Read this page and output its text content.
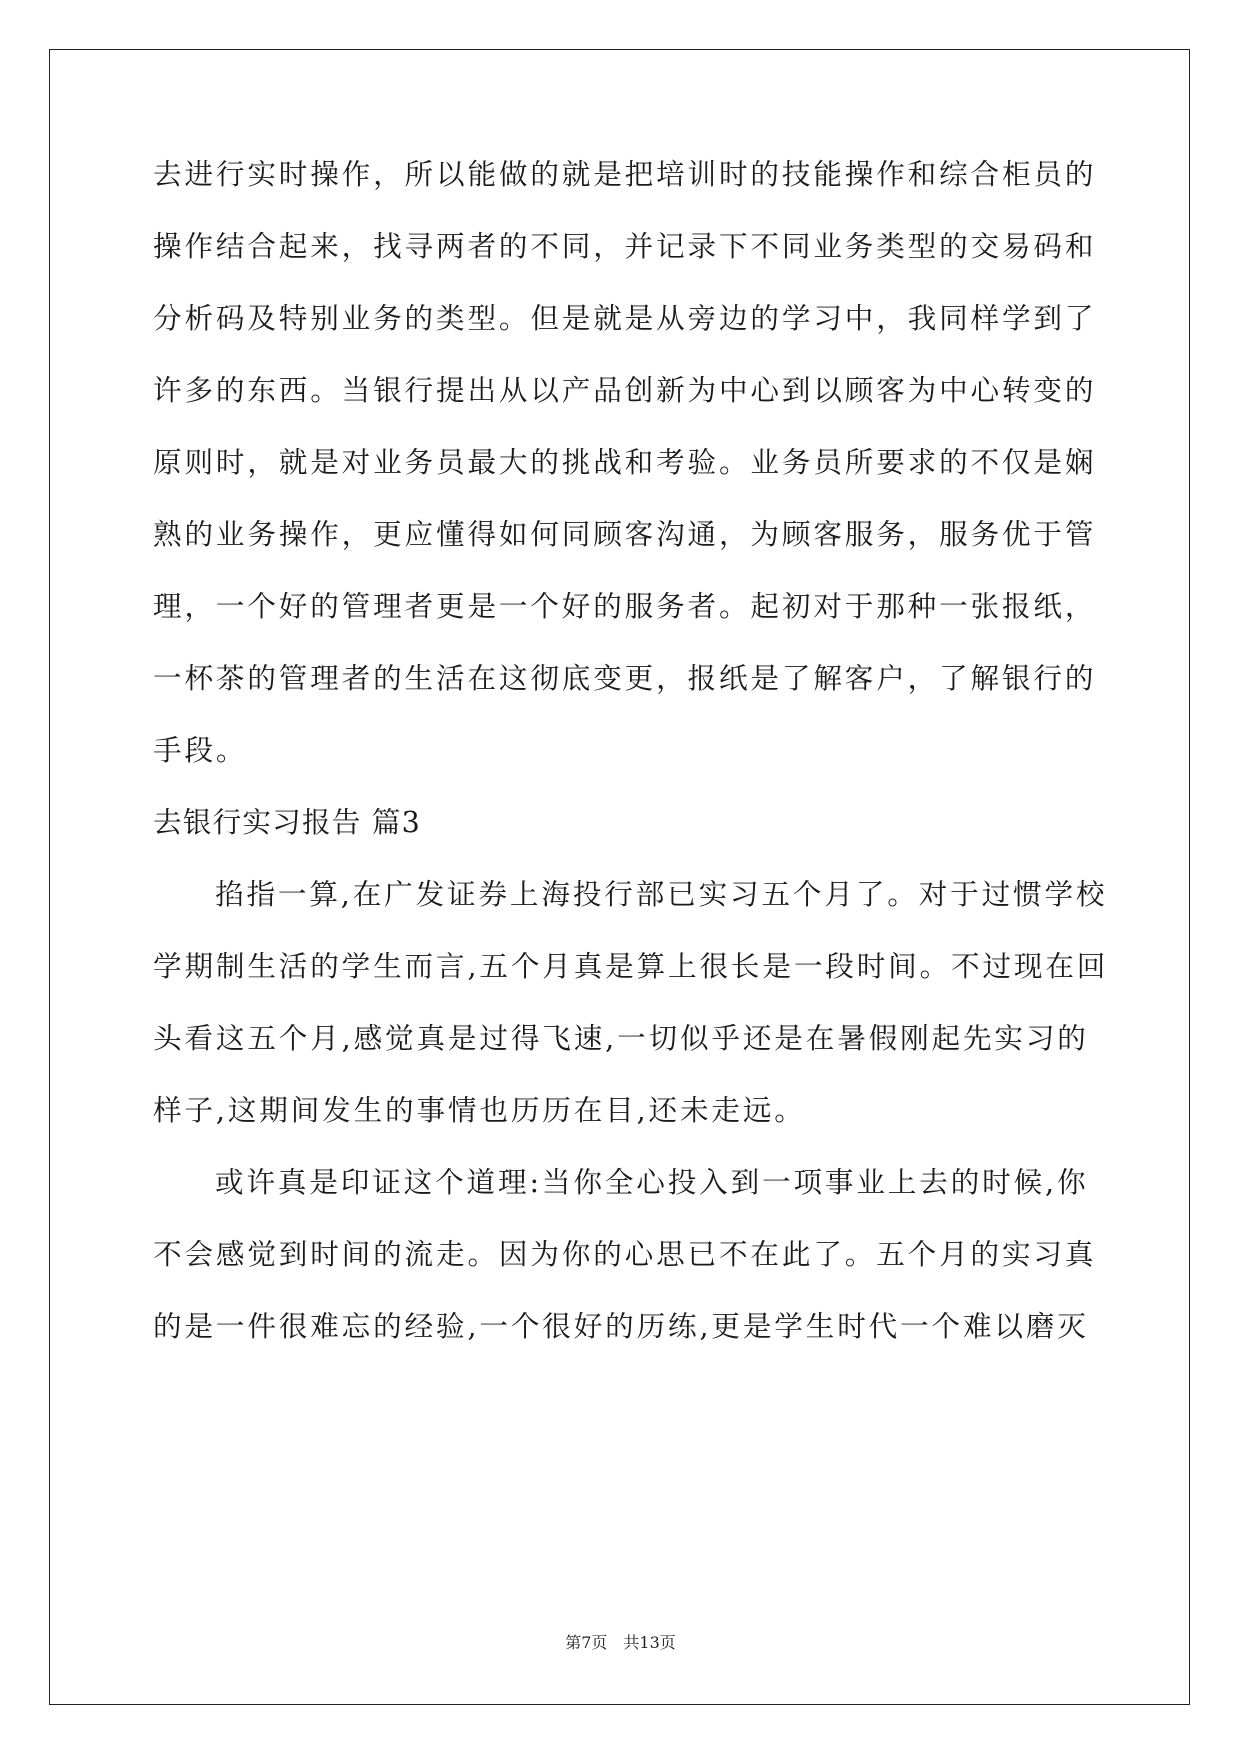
去进行实时操作，所以能做的就是把培训时的技能操作和综合柜员的
操作结合起来，找寻两者的不同，并记录下不同业务类型的交易码和
分析码及特别业务的类型。但是就是从旁边的学习中，我同样学到了
许多的东西。当银行提出从以产品创新为中心到以顾客为中心转变的
原则时，就是对业务员最大的挑战和考验。业务员所要求的不仅是娴
熟的业务操作，更应懂得如何同顾客沟通，为顾客服务，服务优于管
理，一个好的管理者更是一个好的服务者。起初对于那种一张报纸，
一杯茶的管理者的生活在这彻底变更，报纸是了解客户，了解银行的
手段。
去银行实习报告 篇3
掐指一算,在广发证券上海投行部已实习五个月了。对于过惯学校
学期制生活的学生而言,五个月真是算上很长是一段时间。不过现在回
头看这五个月,感觉真是过得飞速,一切似乎还是在暑假刚起先实习的
样子,这期间发生的事情也历历在目,还未走远。
或许真是印证这个道理:当你全心投入到一项事业上去的时候,你
不会感觉到时间的流走。因为你的心思已不在此了。五个月的实习真
的是一件很难忘的经验,一个很好的历练,更是学生时代一个难以磨灭
第7页　共13页
